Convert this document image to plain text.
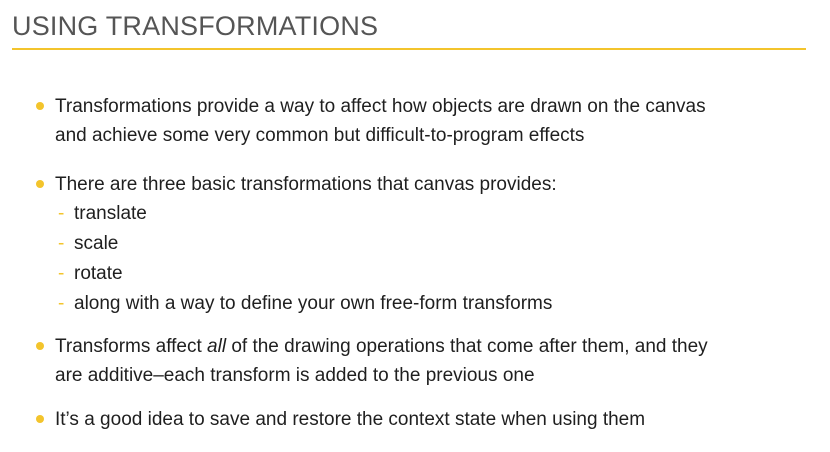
USING TRANSFORMATIONS
Transformations provide a way to affect how objects are drawn on the canvas
and achieve some very common but difficult-to-program effects
There are three basic transformations that canvas provides:
- translate
- scale
- rotate
- along with a way to define your own free-form transforms
Transforms affect all of the drawing operations that come after them, and they
are additive–each transform is added to the previous one
It’s a good idea to save and restore the context state when using them
